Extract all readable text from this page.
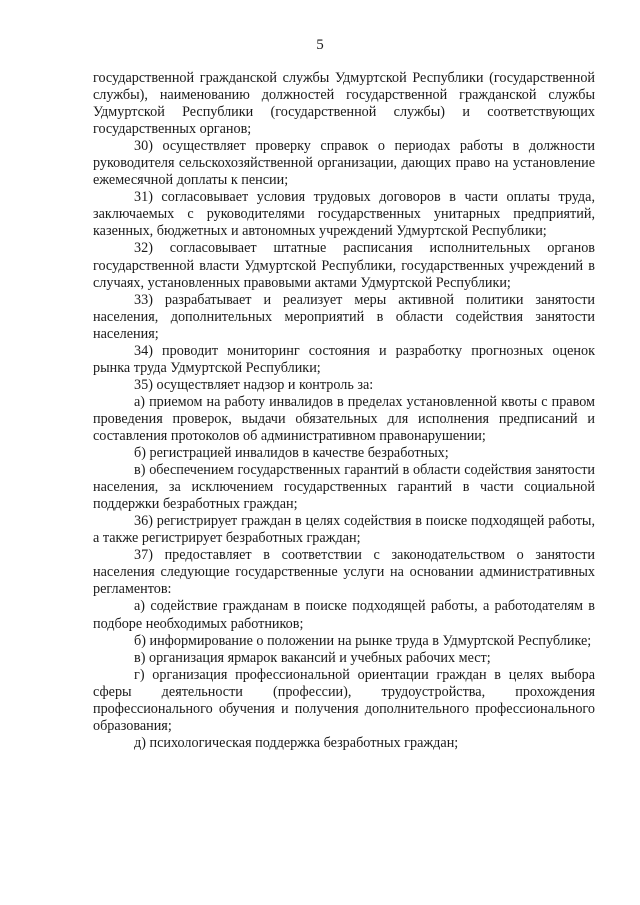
5

государственной гражданской службы Удмуртской Республики (государственной службы), наименованию должностей государственной гражданской службы Удмуртской Республики (государственной службы) и соответствующих государственных органов;

30) осуществляет проверку справок о периодах работы в должности руководителя сельскохозяйственной организации, дающих право на установление ежемесячной доплаты к пенсии;

31) согласовывает условия трудовых договоров в части оплаты труда, заключаемых с руководителями государственных унитарных предприятий, казенных, бюджетных и автономных учреждений Удмуртской Республики;

32) согласовывает штатные расписания исполнительных органов государственной власти Удмуртской Республики, государственных учреждений в случаях, установленных правовыми актами Удмуртской Республики;

33) разрабатывает и реализует меры активной политики занятости населения, дополнительных мероприятий в области содействия занятости населения;

34) проводит мониторинг состояния и разработку прогнозных оценок рынка труда Удмуртской Республики;

35) осуществляет надзор и контроль за:

а) приемом на работу инвалидов в пределах установленной квоты с правом проведения проверок, выдачи обязательных для исполнения предписаний и составления протоколов об административном правонарушении;

б) регистрацией инвалидов в качестве безработных;

в) обеспечением государственных гарантий в области содействия занятости населения, за исключением государственных гарантий в части социальной поддержки безработных граждан;

36) регистрирует граждан в целях содействия в поиске подходящей работы, а также регистрирует безработных граждан;

37) предоставляет в соответствии с законодательством о занятости населения следующие государственные услуги на основании административных регламентов:

а) содействие гражданам в поиске подходящей работы, а работодателям в подборе необходимых работников;

б) информирование о положении на рынке труда в Удмуртской Республике;

в) организация ярмарок вакансий и учебных рабочих мест;

г) организация профессиональной ориентации граждан в целях выбора сферы деятельности (профессии), трудоустройства, прохождения профессионального обучения и получения дополнительного профессионального образования;

д) психологическая поддержка безработных граждан;
